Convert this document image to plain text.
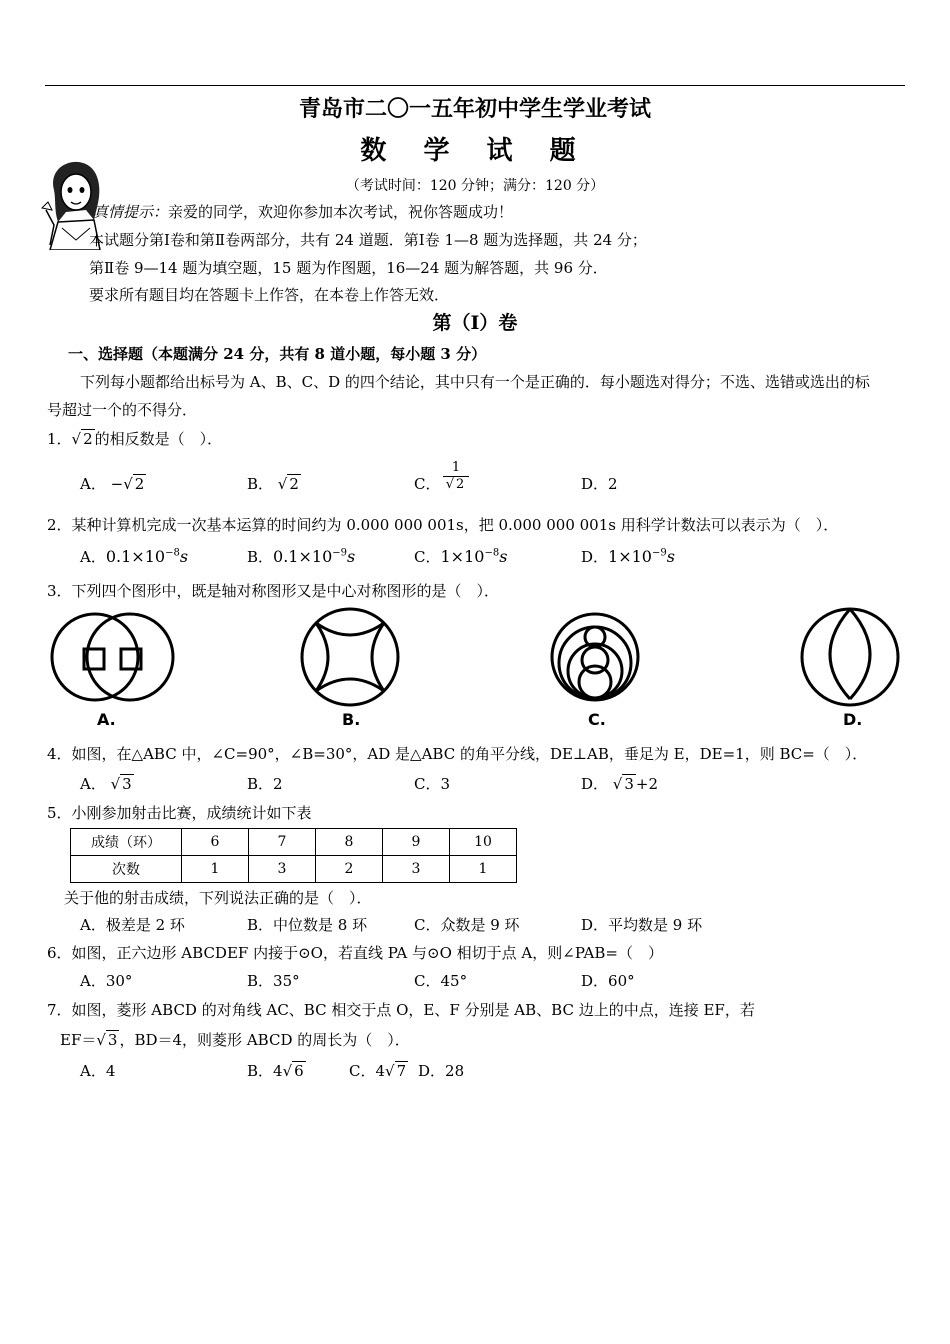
青岛市二〇一五年初中学生学业考试
数 学 试 题
（考试时间：120 分钟；满分：120 分）
真情提示：亲爱的同学，欢迎你参加本次考试，祝你答题成功！
本试题分第Ⅰ卷和第Ⅱ卷两部分，共有 24 道题．第Ⅰ卷 1—8 题为选择题，共 24 分；
第Ⅱ卷 9—14 题为填空题，15 题为作图题，16—24 题为解答题，共 96 分．
要求所有题目均在答题卡上作答，在本卷上作答无效．
第（Ⅰ）卷
一、选择题（本题满分 24 分，共有 8 道小题，每小题 3 分）
下列每小题都给出标号为 A、B、C、D 的四个结论，其中只有一个是正确的．每小题选对得分；不选、选错或选出的标
号超过一个的不得分．
1．√ 2 的相反数是（　）．
A． −√ 2	B． √ 2	C．
1
√ 2	D．2
2．某种计算机完成一次基本运算的时间约为 0.000 000 001s，把 0.000 000 001s 用科学计数法可以表示为（　）．
A．$0.1\times 10^{-8}s$	B．$0.1\times 10^{-9}s$	C．$1\times 10^{-8}s$	D．$1\times 10^{-9}s$
3．下列四个图形中，既是轴对称图形又是中心对称图形的是（　）．
A.	B.	C.	D.
4．如图，在△ABC 中，∠C=90°，∠B=30°，AD 是△ABC 的角平分线，DE⊥AB，垂足为 E，DE=1，则 BC=（　）．
A． √ 3	B．2	C．3	D． √ 3 +2
5．小刚参加射击比赛，成绩统计如下表
成绩（环）	6	7	8	9	10
次数	1	3	2	3	1
关于他的射击成绩，下列说法正确的是（　）．
A．极差是 2 环	B．中位数是 8 环	C．众数是 9 环	D．平均数是 9 环
6．如图，正六边形 ABCDEF 内接于⊙O，若直线 PA 与⊙O 相切于点 A，则∠PAB=（　）
A．30°	B．35°	C．45°	D．60°
7．如图，菱形 ABCD 的对角线 AC、BC 相交于点 O，E、F 分别是 AB、BC 边上的中点，连接 EF，若
EF＝√ 3 ，BD＝4，则菱形 ABCD 的周长为（　）．
A．4	B．4√ 6	C．4√ 7 D．28
